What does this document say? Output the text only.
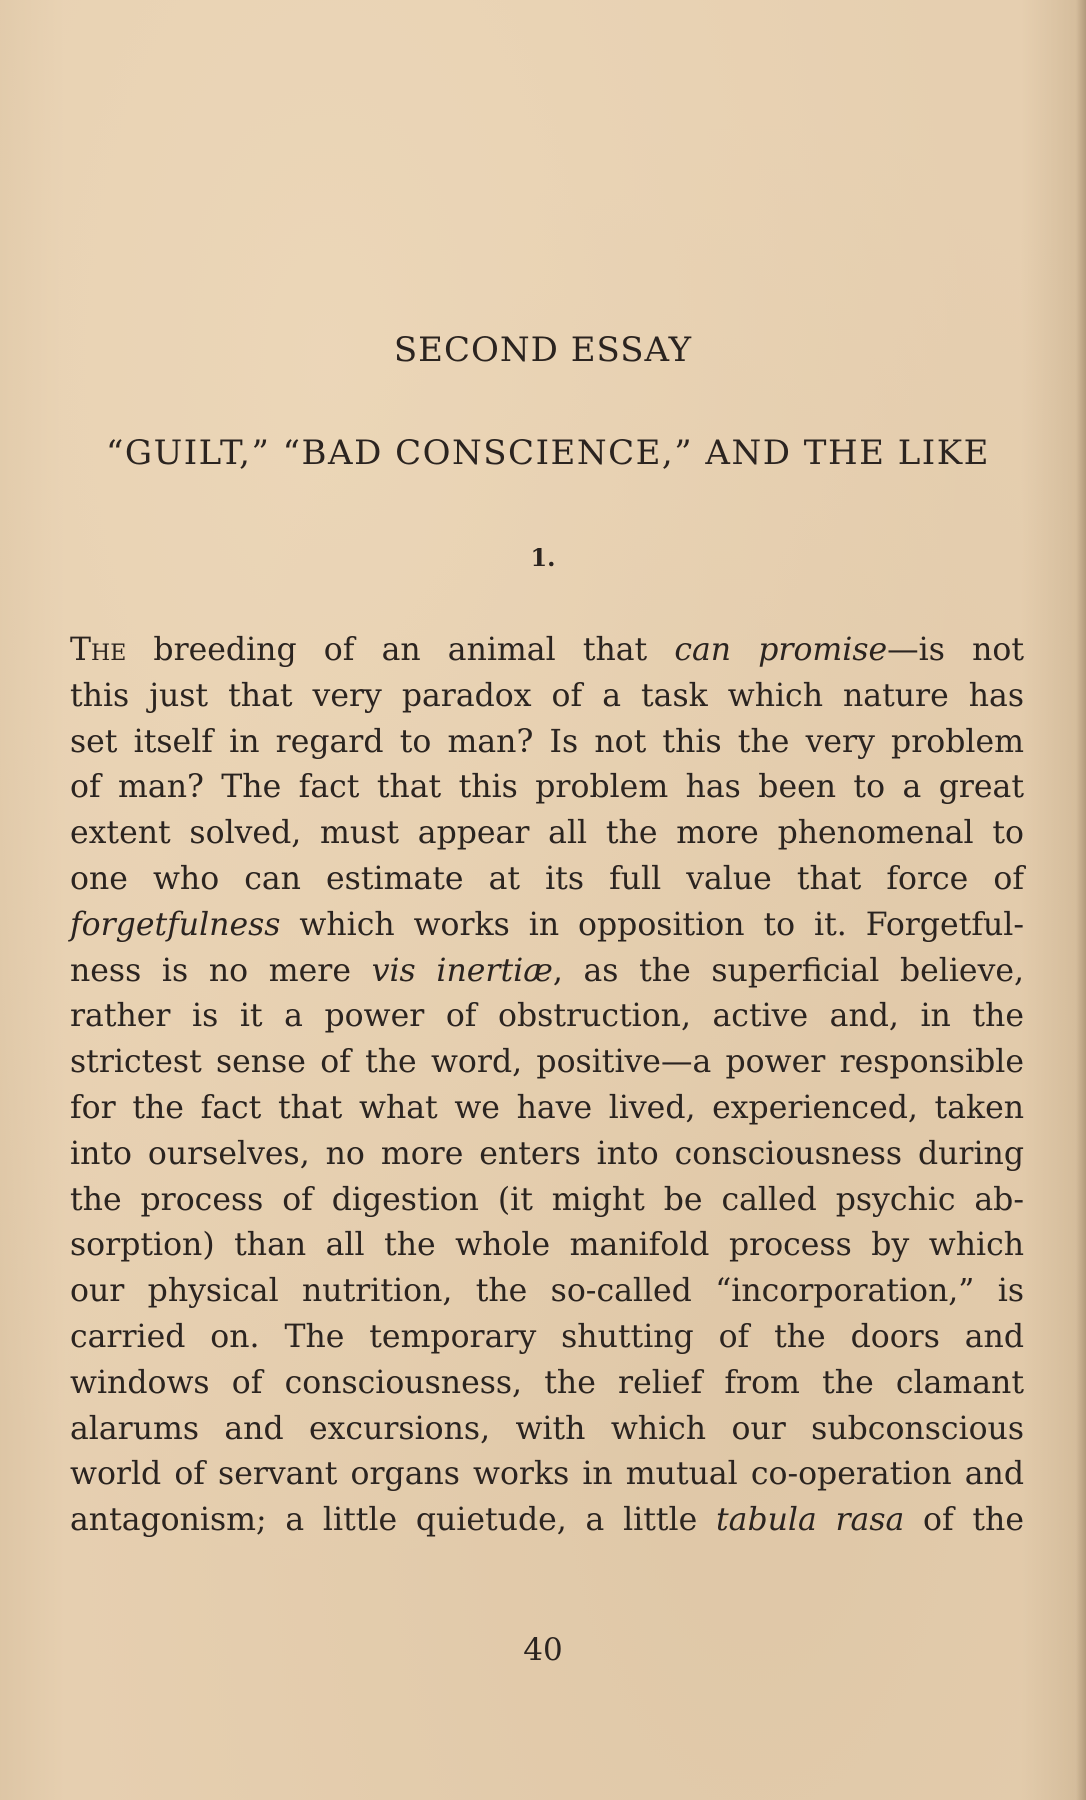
SECOND ESSAY
“GUILT,” “BAD CONSCIENCE,” AND THE LIKE
1.
The breeding of an animal that can promise—is not
this just that very paradox of a task which nature has
set itself in regard to man? Is not this the very problem
of man? The fact that this problem has been to a great
extent solved, must appear all the more phenomenal to
one who can estimate at its full value that force of
forgetfulness which works in opposition to it. Forgetful-
ness is no mere vis inertiæ, as the superficial believe,
rather is it a power of obstruction, active and, in the
strictest sense of the word, positive—a power responsible
for the fact that what we have lived, experienced, taken
into ourselves, no more enters into consciousness during
the process of digestion (it might be called psychic ab-
sorption) than all the whole manifold process by which
our physical nutrition, the so-called “incorporation,” is
carried on. The temporary shutting of the doors and
windows of consciousness, the relief from the clamant
alarums and excursions, with which our subconscious
world of servant organs works in mutual co-operation and
antagonism; a little quietude, a little tabula rasa of the
40
